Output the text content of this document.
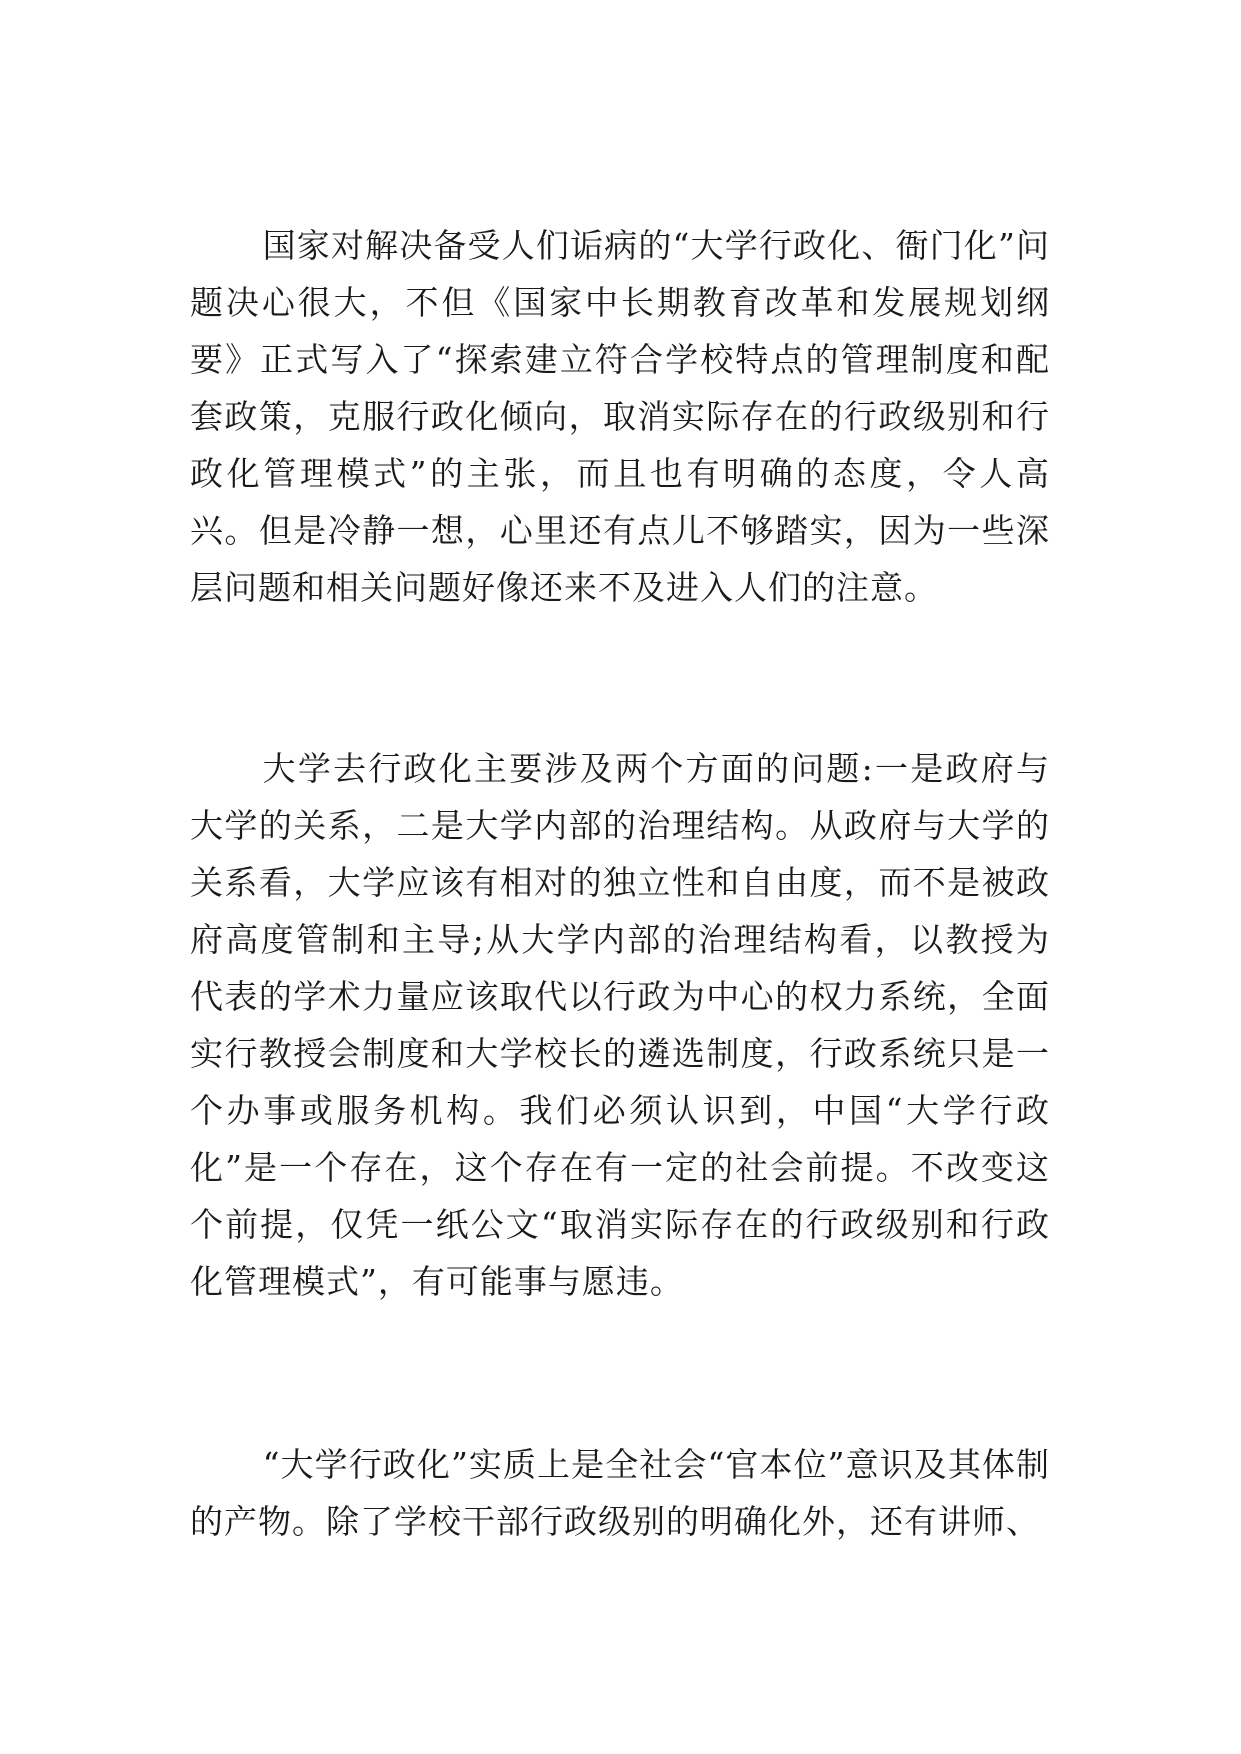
国家对解决备受人们诟病的“大学行政化、衙门化”问题决心很大，不但《国家中长期教育改革和发展规划纲要》正式写入了“探索建立符合学校特点的管理制度和配套政策，克服行政化倾向，取消实际存在的行政级别和行政化管理模式”的主张，而且也有明确的态度，令人高兴。但是冷静一想，心里还有点儿不够踏实，因为一些深层问题和相关问题好像还来不及进入人们的注意。

大学去行政化主要涉及两个方面的问题:一是政府与大学的关系，二是大学内部的治理结构。从政府与大学的关系看，大学应该有相对的独立性和自由度，而不是被政府高度管制和主导;从大学内部的治理结构看，以教授为代表的学术力量应该取代以行政为中心的权力系统，全面实行教授会制度和大学校长的遴选制度，行政系统只是一个办事或服务机构。我们必须认识到，中国“大学行政化”是一个存在，这个存在有一定的社会前提。不改变这个前提，仅凭一纸公文“取消实际存在的行政级别和行政化管理模式”，有可能事与愿违。

“大学行政化”实质上是全社会“官本位”意识及其体制的产物。除了学校干部行政级别的明确化外，还有讲师、
